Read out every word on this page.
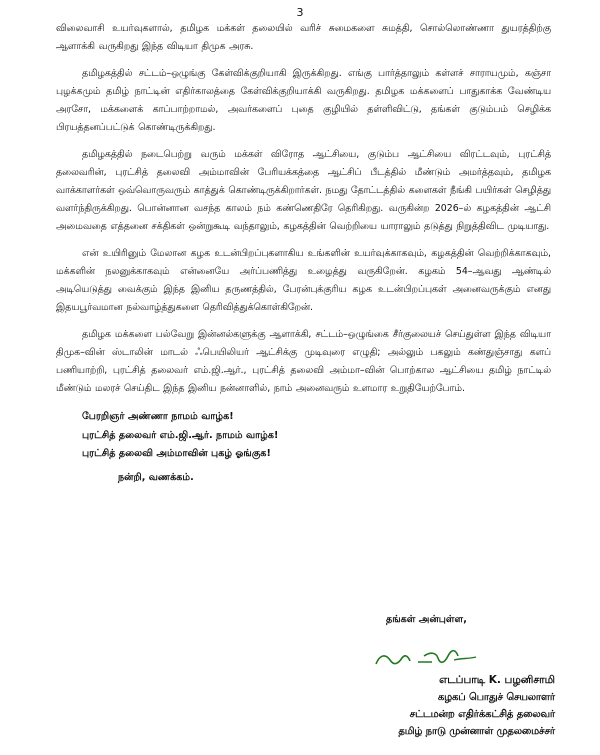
3

விலைவாசி உயர்வுகளால், தமிழக மக்கள் தலையில் வரிச் சுமைகளை சுமத்தி, சொல்லொண்ணா துயரத்திற்கு ஆளாக்கி வருகிறது இந்த விடியா திமுக அரசு.

தமிழகத்தில் சட்டம்–ஒழுங்கு கேள்விக்குறியாகி இருக்கிறது. எங்கு பார்த்தாலும் கள்ளச் சாராயமும், கஞ்சா புழக்கமும் தமிழ் நாட்டின் எதிர்காலத்தை கேள்விக்குறியாக்கி வருகிறது. தமிழக மக்களைப் பாதுகாக்க வேண்டிய அரசோ, மக்களைக் காப்பாற்றாமல், அவர்களைப் புதை குழியில் தள்ளிவிட்டு, தங்கள் குடும்பம் செழிக்க பிரயத்தனப்பட்டுக் கொண்டிருக்கிறது.

தமிழகத்தில் நடைபெற்று வரும் மக்கள் விரோத ஆட்சியை, குடும்ப ஆட்சியை விரட்டவும், புரட்சித் தலைவரின், புரட்சித் தலைவி அம்மாவின் பேரியக்கத்தை ஆட்சிப் பீடத்தில் மீண்டும் அமர்த்தவும், தமிழக வாக்காளர்கள் ஒவ்வொருவரும் காத்துக் கொண்டிருக்கிறார்கள். நமது தோட்டத்தில் களைகள் நீங்கி பயிர்கள் செழித்து வளர்ந்திருக்கிறது. பொன்னான வசந்த காலம் நம் கண்ணெதிரே தெரிகிறது. வருகின்ற 2026–ல் கழகத்தின் ஆட்சி அமைவதை எத்தனை சக்திகள் ஒன்றுகூடி வந்தாலும், கழகத்தின் வெற்றியை யாராலும் தடுத்து நிறுத்திவிட முடியாது.

என் உயிரினும் மேலான கழக உடன்பிறப்புகளாகிய உங்களின் உயர்வுக்காகவும், கழகத்தின் வெற்றிக்காகவும், மக்களின் நலனுக்காகவும் என்னையே அர்ப்பணித்து உழைத்து வருகிறேன். கழகம் 54–ஆவது ஆண்டில் அடியெடுத்து வைக்கும் இந்த இனிய தருணத்தில், பேரன்புக்குரிய கழக உடன்பிறப்புகள் அனைவருக்கும் எனது இதயபூர்வமான நல்வாழ்த்துகளை தெரிவித்துக்கொள்கிறேன்.

தமிழக மக்களை பல்வேறு இன்னல்களுக்கு ஆளாக்கி, சட்டம்–ஒழுங்கை சீர்குலையச் செய்துள்ள இந்த விடியா திமுக–வின் ஸ்டாலின் மாடல் ஃபெயிலியர் ஆட்சிக்கு முடிவுரை எழுதி; அல்லும் பகலும் கண்துஞ்சாது களப் பணியாற்றி, புரட்சித் தலைவர் எம்.ஜி.ஆர்., புரட்சித் தலைவி அம்மா–வின் பொற்கால ஆட்சியை தமிழ் நாட்டில் மீண்டும் மலரச் செய்திட இந்த இனிய நன்னாளில், நாம் அனைவரும் உளமார உறுதியேற்போம்.

பேரறிஞர் அண்ணா நாமம் வாழ்க!
புரட்சித் தலைவர் எம்.ஜி.ஆர். நாமம் வாழ்க!
புரட்சித் தலைவி அம்மாவின் புகழ் ஓங்குக!
நன்றி, வணக்கம்.
தங்கள் அன்புள்ள,
எடப்பாடி K. பழனிசாமி
கழகப் பொதுச் செயலாளர்
சட்டமன்ற எதிர்க்கட்சித் தலைவர்
தமிழ் நாடு முன்னாள் முதலமைச்சர்
